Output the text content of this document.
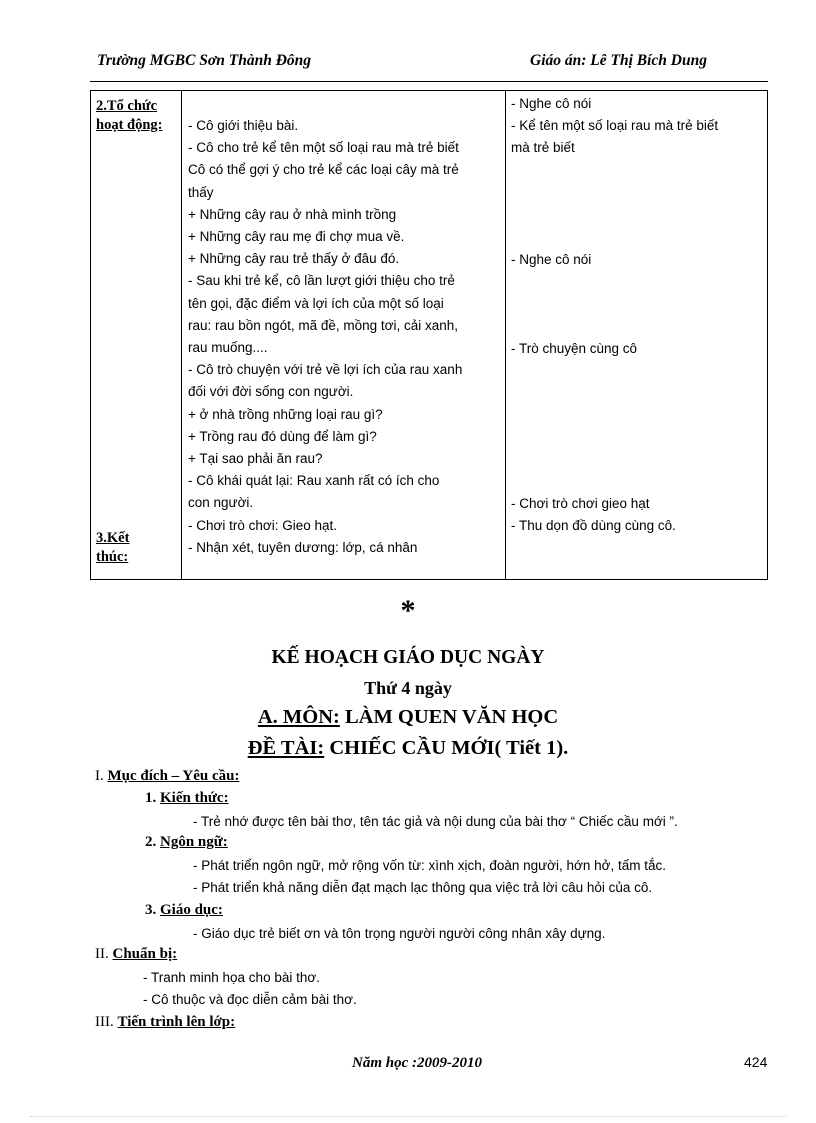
Trường MGBC Sơn Thành Đông	Giáo án: Lê Thị Bích Dung
2.Tổ chức
hoạt động:
3.Kết
thúc:
- Cô giới thiệu bài.
- Cô cho trẻ kể tên một số loại rau mà trẻ biết
Cô có thể gợi ý cho trẻ kể các loại cây mà trẻ
thấy
+ Những cây rau ở nhà mình trồng
+ Những cây rau mẹ đi chợ mua về.
+ Những cây rau trẻ thấy ở đâu đó.
- Sau khi trẻ kể, cô lần lượt giới thiệu cho trẻ
tên gọi, đặc điểm và lợi ích của một số loại
rau: rau bồn ngót, mã đề, mồng tơi, cải xanh,
rau muống....
- Cô trò chuyện với trẻ về lợi ích của rau xanh
đối với đời sống con người.
+ ở nhà trồng những loại rau gì?
+ Trồng rau đó dùng để làm gì?
+ Tại sao phải ăn rau?
- Cô khái quát lại: Rau xanh rất có ích cho
con người.
- Chơi trò chơi: Gieo hạt.
- Nhận xét, tuyên dương: lớp, cá nhân
- Nghe cô nói
- Kể tên một số loại rau mà trẻ biết
mà trẻ biết
- Nghe cô nói
- Trò chuyện cùng cô
- Chơi trò chơi gieo hạt
- Thu dọn đồ dùng cùng cô.
*
KẾ HOẠCH GIÁO DỤC NGÀY
Thứ 4 ngày
A. MÔN: LÀM QUEN VĂN HỌC
ĐỀ TÀI: CHIẾC CẦU MỚI( Tiết 1).
I. Mục đích – Yêu cầu:
1. Kiến thức:
- Trẻ nhớ được tên bài thơ, tên tác giả và nội dung của bài thơ “ Chiếc cầu mới ”.
2. Ngôn ngữ:
- Phát triển ngôn ngữ, mở rộng vốn từ: xình xịch, đoàn người, hớn hở, tấm tắc.
- Phát triển khả năng diễn đạt mạch lạc thông qua việc trả lời câu hỏi của cô.
3. Giáo dục:
- Giáo dục trẻ biết ơn và tôn trọng người người công nhân xây dựng.
II. Chuẩn bị:
- Tranh minh họa cho bài thơ.
- Cô thuộc và đọc diễn cảm bài thơ.
III. Tiến trình lên lớp:
Năm học :2009-2010	424
